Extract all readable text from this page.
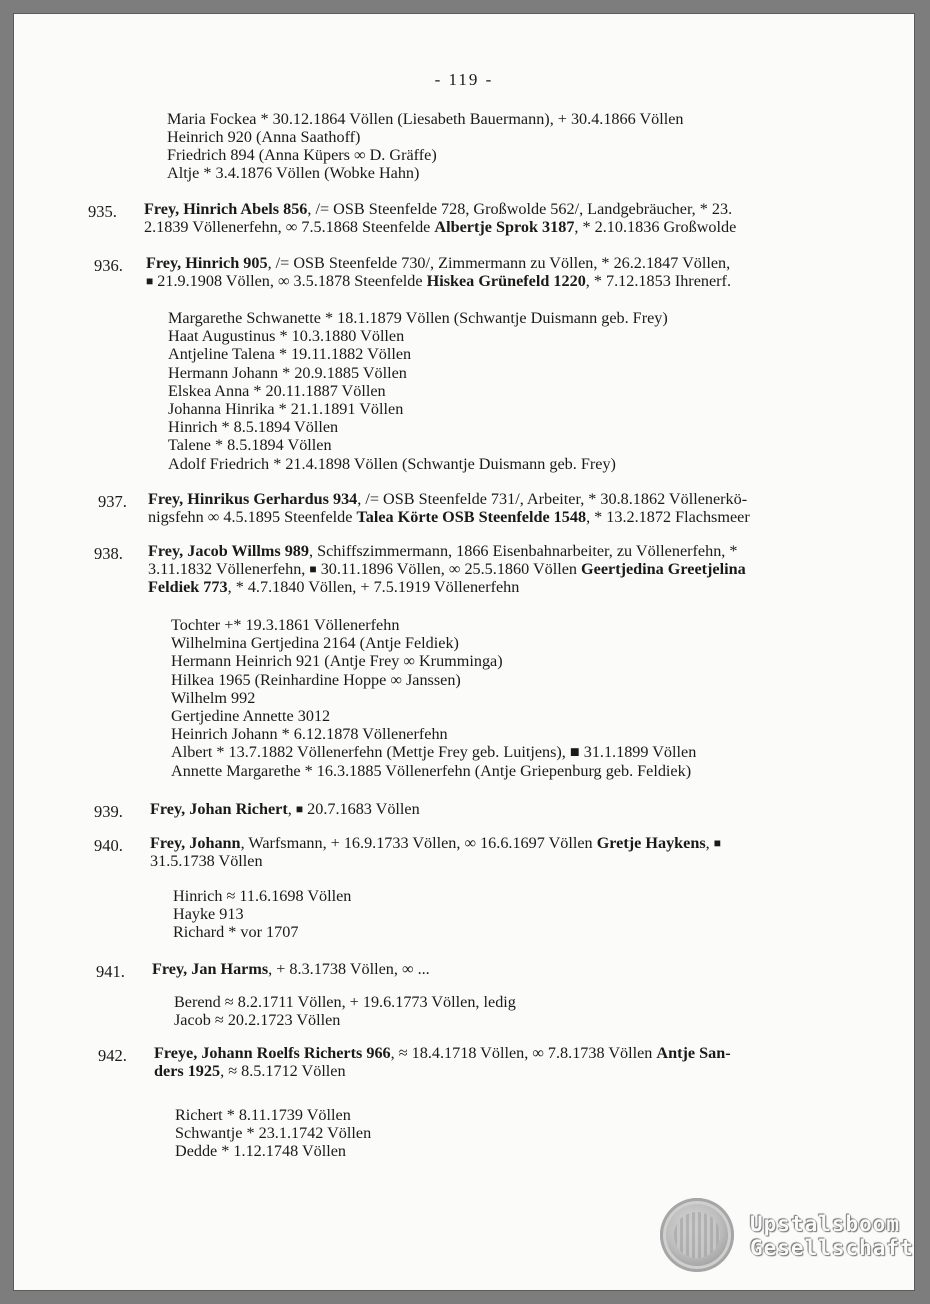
- 119 -
Maria Fockea * 30.12.1864 Völlen (Liesabeth Bauermann), + 30.4.1866 Völlen
Heinrich 920 (Anna Saathoff)
Friedrich 894 (Anna Küpers ∞ D. Gräffe)
Altje * 3.4.1876 Völlen (Wobke Hahn)
935. Frey, Hinrich Abels 856, /= OSB Steenfelde 728, Großwolde 562/, Landgebräucher, * 23.
2.1839 Völlenerfehn, ∞ 7.5.1868 Steenfelde Albertje Sprok 3187, * 2.10.1836 Großwolde
936. Frey, Hinrich 905, /= OSB Steenfelde 730/, Zimmermann zu Völlen, * 26.2.1847 Völlen,
■ 21.9.1908 Völlen, ∞ 3.5.1878 Steenfelde Hiskea Grünefeld 1220, * 7.12.1853 Ihrenerf.
Margarethe Schwanette * 18.1.1879 Völlen (Schwantje Duismann geb. Frey)
Haat Augustinus * 10.3.1880 Völlen
Antjeline Talena * 19.11.1882 Völlen
Hermann Johann * 20.9.1885 Völlen
Elskea Anna * 20.11.1887 Völlen
Johanna Hinrika * 21.1.1891 Völlen
Hinrich * 8.5.1894 Völlen
Talene * 8.5.1894 Völlen
Adolf Friedrich * 21.4.1898 Völlen (Schwantje Duismann geb. Frey)
937. Frey, Hinrikus Gerhardus 934, /= OSB Steenfelde 731/, Arbeiter, * 30.8.1862 Völlenerkö-
nigsfehn ∞ 4.5.1895 Steenfelde Talea Körte OSB Steenfelde 1548, * 13.2.1872 Flachsmeer
938. Frey, Jacob Willms 989, Schiffszimmermann, 1866 Eisenbahnarbeiter, zu Völlenerfehn, *
3.11.1832 Völlenerfehn, ■ 30.11.1896 Völlen, ∞ 25.5.1860 Völlen Geertjedina Greetjelina
Feldiek 773, * 4.7.1840 Völlen, + 7.5.1919 Völlenerfehn
Tochter +* 19.3.1861 Völlenerfehn
Wilhelmina Gertjedina 2164 (Antje Feldiek)
Hermann Heinrich 921 (Antje Frey ∞ Krumminga)
Hilkea 1965 (Reinhardine Hoppe ∞ Janssen)
Wilhelm 992
Gertjedine Annette 3012
Heinrich Johann * 6.12.1878 Völlenerfehn
Albert * 13.7.1882 Völlenerfehn (Mettje Frey geb. Luitjens), ■ 31.1.1899 Völlen
Annette Margarethe * 16.3.1885 Völlenerfehn (Antje Griepenburg geb. Feldiek)
939. Frey, Johan Richert, ■ 20.7.1683 Völlen
940. Frey, Johann, Warfsmann, + 16.9.1733 Völlen, ∞ 16.6.1697 Völlen Gretje Haykens, ■
31.5.1738 Völlen
Hinrich ≈ 11.6.1698 Völlen
Hayke 913
Richard * vor 1707
941. Frey, Jan Harms, + 8.3.1738 Völlen, ∞ ...
Berend ≈ 8.2.1711 Völlen, + 19.6.1773 Völlen, ledig
Jacob ≈ 20.2.1723 Völlen
942. Freye, Johann Roelfs Richerts 966, ≈ 18.4.1718 Völlen, ∞ 7.8.1738 Völlen Antje San-
ders 1925, ≈ 8.5.1712 Völlen
Richert * 8.11.1739 Völlen
Schwantje * 23.1.1742 Völlen
Dedde * 1.12.1748 Völlen
Upstalsboom
Gesellschaft
